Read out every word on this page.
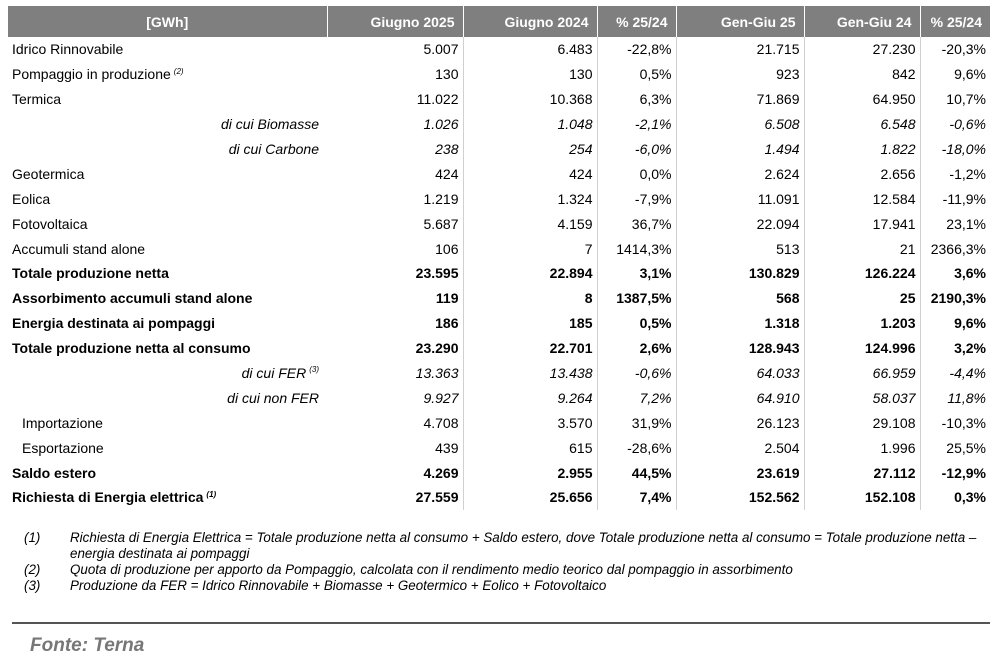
[GWh]	Giugno 2025	Giugno 2024	% 25/24	Gen-Giu 25	Gen-Giu 24	% 25/24
Idrico Rinnovabile	5.007	6.483	-22,8%	21.715	27.230	-20,3%
Pompaggio in produzione $^{(2)}$	130	130	0,5%	923	842	9,6%
Termica	11.022	10.368	6,3%	71.869	64.950	10,7%
di cui Biomasse	1.026	1.048	-2,1%	6.508	6.548	-0,6%
di cui Carbone	238	254	-6,0%	1.494	1.822	-18,0%
Geotermica	424	424	0,0%	2.624	2.656	-1,2%
Eolica	1.219	1.324	-7,9%	11.091	12.584	-11,9%
Fotovoltaica	5.687	4.159	36,7%	22.094	17.941	23,1%
Accumuli stand alone	106	7	1414,3%	513	21	2366,3%
Totale produzione netta	23.595	22.894	3,1%	130.829	126.224	3,6%
Assorbimento accumuli stand alone	119	8	1387,5%	568	25	2190,3%
Energia destinata ai pompaggi	186	185	0,5%	1.318	1.203	9,6%
Totale produzione netta al consumo	23.290	22.701	2,6%	128.943	124.996	3,2%
di cui FER $^{(3)}$	13.363	13.438	-0,6%	64.033	66.959	-4,4%
di cui non FER	9.927	9.264	7,2%	64.910	58.037	11,8%
Importazione	4.708	3.570	31,9%	26.123	29.108	-10,3%
Esportazione	439	615	-28,6%	2.504	1.996	25,5%
Saldo estero	4.269	2.955	44,5%	23.619	27.112	-12,9%
Richiesta di Energia elettrica $^{(1)}$	27.559	25.656	7,4%	152.562	152.108	0,3%
(1)	Richiesta di Energia Elettrica = Totale produzione netta al consumo + Saldo estero, dove Totale produzione netta al consumo = Totale produzione netta – energia destinata ai pompaggi
(2)	Quota di produzione per apporto da Pompaggio, calcolata con il rendimento medio teorico dal pompaggio in assorbimento
(3)	Produzione da FER = Idrico Rinnovabile + Biomasse + Geotermico + Eolico + Fotovoltaico
Fonte: Terna
